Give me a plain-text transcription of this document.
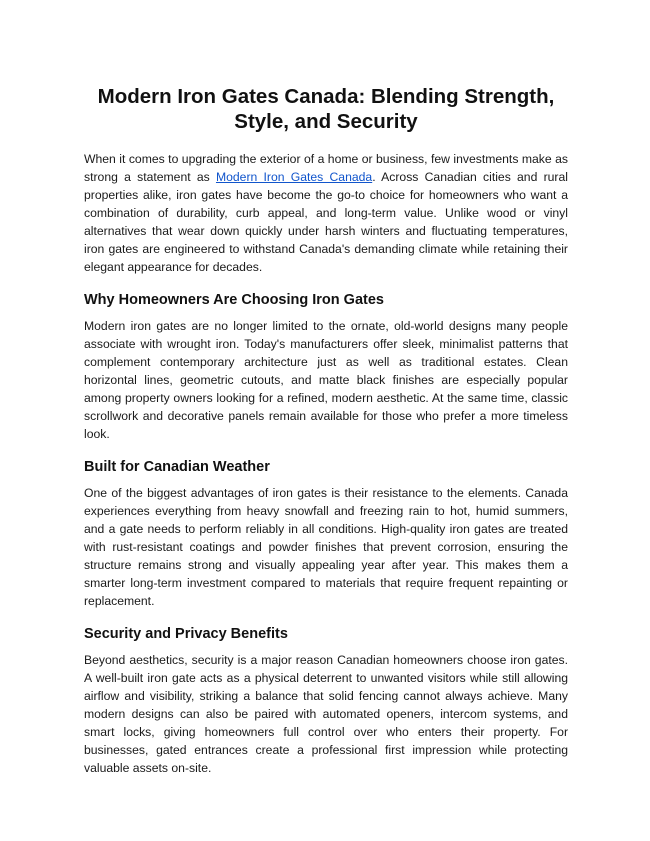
Modern Iron Gates Canada: Blending Strength, Style, and Security

When it comes to upgrading the exterior of a home or business, few investments make as strong a statement as Modern Iron Gates Canada. Across Canadian cities and rural properties alike, iron gates have become the go-to choice for homeowners who want a combination of durability, curb appeal, and long-term value. Unlike wood or vinyl alternatives that wear down quickly under harsh winters and fluctuating temperatures, iron gates are engineered to withstand Canada's demanding climate while retaining their elegant appearance for decades.

Why Homeowners Are Choosing Iron Gates

Modern iron gates are no longer limited to the ornate, old-world designs many people associate with wrought iron. Today's manufacturers offer sleek, minimalist patterns that complement contemporary architecture just as well as traditional estates. Clean horizontal lines, geometric cutouts, and matte black finishes are especially popular among property owners looking for a refined, modern aesthetic. At the same time, classic scrollwork and decorative panels remain available for those who prefer a more timeless look.

Built for Canadian Weather

One of the biggest advantages of iron gates is their resistance to the elements. Canada experiences everything from heavy snowfall and freezing rain to hot, humid summers, and a gate needs to perform reliably in all conditions. High-quality iron gates are treated with rust-resistant coatings and powder finishes that prevent corrosion, ensuring the structure remains strong and visually appealing year after year. This makes them a smarter long-term investment compared to materials that require frequent repainting or replacement.

Security and Privacy Benefits

Beyond aesthetics, security is a major reason Canadian homeowners choose iron gates. A well-built iron gate acts as a physical deterrent to unwanted visitors while still allowing airflow and visibility, striking a balance that solid fencing cannot always achieve. Many modern designs can also be paired with automated openers, intercom systems, and smart locks, giving homeowners full control over who enters their property. For businesses, gated entrances create a professional first impression while protecting valuable assets on-site.
